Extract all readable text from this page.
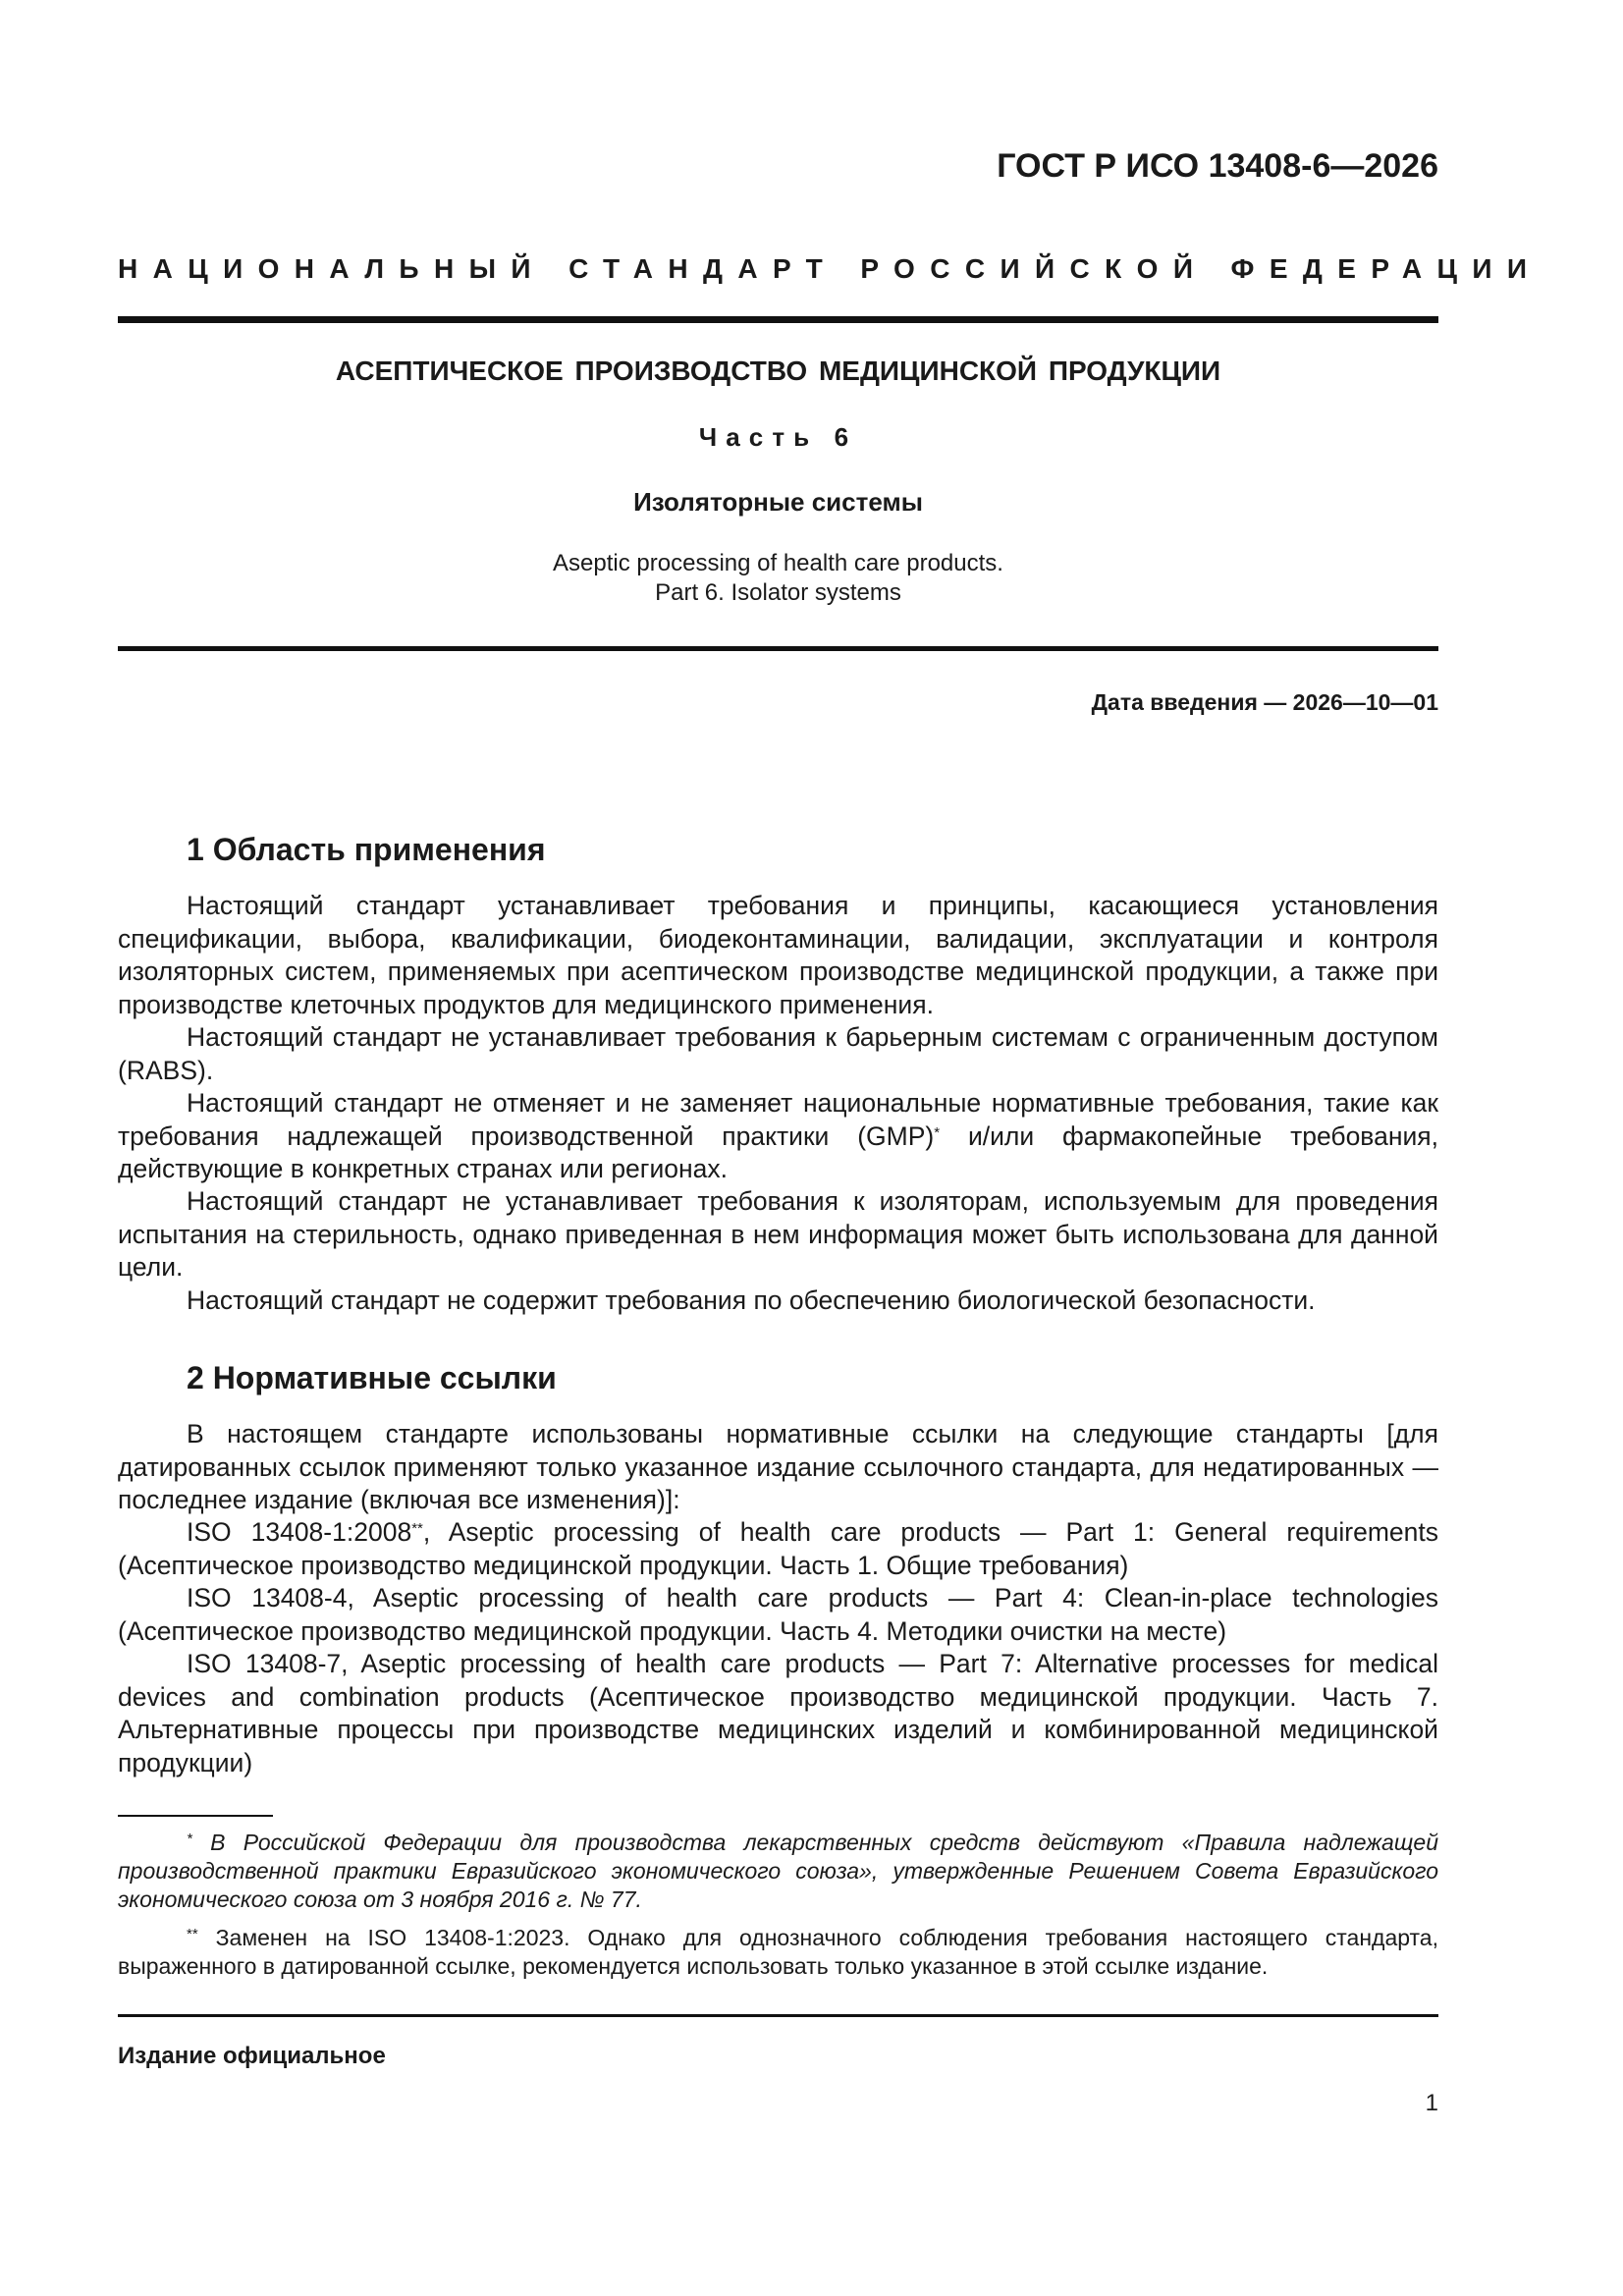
ГОСТ Р ИСО 13408-6—2026
НАЦИОНАЛЬНЫЙ СТАНДАРТ РОССИЙСКОЙ ФЕДЕРАЦИИ
АСЕПТИЧЕСКОЕ ПРОИЗВОДСТВО МЕДИЦИНСКОЙ ПРОДУКЦИИ
Часть 6
Изоляторные системы
Aseptic processing of health care products.
Part 6. Isolator systems
Дата введения — 2026—10—01
1 Область применения

Настоящий стандарт устанавливает требования и принципы, касающиеся установления спецификации, выбора, квалификации, биодеконтаминации, валидации, эксплуатации и контроля изоляторных систем, применяемых при асептическом производстве медицинской продукции, а также при производстве клеточных продуктов для медицинского применения.

Настоящий стандарт не устанавливает требования к барьерным системам с ограниченным доступом (RABS).

Настоящий стандарт не отменяет и не заменяет национальные нормативные требования, такие как требования надлежащей производственной практики (GMP)* и/или фармакопейные требования, действующие в конкретных странах или регионах.

Настоящий стандарт не устанавливает требования к изоляторам, используемым для проведения испытания на стерильность, однако приведенная в нем информация может быть использована для данной цели.

Настоящий стандарт не содержит требования по обеспечению биологической безопасности.

2 Нормативные ссылки

В настоящем стандарте использованы нормативные ссылки на следующие стандарты [для датированных ссылок применяют только указанное издание ссылочного стандарта, для недатированных — последнее издание (включая все изменения)]:

ISO 13408-1:2008**, Aseptic processing of health care products — Part 1: General requirements (Асептическое производство медицинской продукции. Часть 1. Общие требования)

ISO 13408-4, Aseptic processing of health care products — Part 4: Clean-in-place technologies (Асептическое производство медицинской продукции. Часть 4. Методики очистки на месте)

ISO 13408-7, Aseptic processing of health care products — Part 7: Alternative processes for medical devices and combination products (Асептическое производство медицинской продукции. Часть 7. Альтернативные процессы при производстве медицинских изделий и комбинированной медицинской продукции)

* В Российской Федерации для производства лекарственных средств действуют «Правила надлежащей производственной практики Евразийского экономического союза», утвержденные Решением Совета Евразийского экономического союза от 3 ноября 2016 г. № 77.

** Заменен на ISO 13408-1:2023. Однако для однозначного соблюдения требования настоящего стандарта, выраженного в датированной ссылке, рекомендуется использовать только указанное в этой ссылке издание.

Издание официальное
1
